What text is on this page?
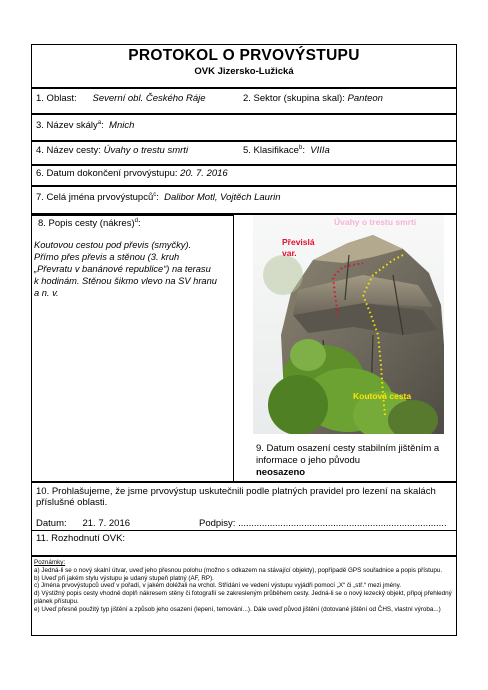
PROTOKOL O PRVOVÝSTUPU
OVK Jizersko-Lužická
1. Oblast: Severní obl. Českého Ráje	2. Sektor (skupina skal): Panteon
3. Název skály$^a$: Mnich
4. Název cesty: Úvahy o trestu smrti	5. Klasifikace$^b$: VIIIa
6. Datum dokončení prvovýstupu: 20. 7. 2016
7. Celá jména prvovýstupců$^c$: Dalibor Motl, Vojtěch Laurin
8. Popis cesty (nákres)$^d$:
Koutovou cestou pod převis (smyčky).
Přímo přes převis a stěnou (3. kruh
„Převratu v banánové republice“) na terasu
k hodinám. Stěnou šikmo vlevo na SV hranu
a n. v.
Úvahy o trestu smrti
Převislá var.
Koutová cesta
9. Datum osazení cesty stabilním jištěním a informace o jeho původu
neosazeno
10. Prohlašujeme, že jsme prvovýstup uskutečnili podle platných pravidel pro lezení na skalách příslušné oblasti.
Datum: 21. 7. 2016	Podpisy: ...............................................................................
11. Rozhodnutí OVK:
Poznámky:
a) Jedná-li se o nový skalní útvar, uveď jeho přesnou polohu (možno s odkazem na stávající objekty), popřípadě GPS souřadnice a popis přístupu.
b) Uveď při jakém stylu výstupu je udaný stupeň platný (AF, RP).
c) Jména prvovýstupců uveď v pořadí, v jakém doléžali na vrchol. Střídání ve vedení výstupu vyjádři pomocí „X“ či „stř.“ mezi jmény.
d) Výstižný popis cesty vhodně doplň nákresem stěny či fotografií se zakresleným průběhem cesty. Jedná-li se o nový lezecký objekt, připoj přehledný plánek přístupu.
e) Uveď přesně použitý typ jištění a způsob jeho osazení (lepení, temování...). Dále uveď původ jištění (dotované jištění od ČHS, vlastní výroba...)
